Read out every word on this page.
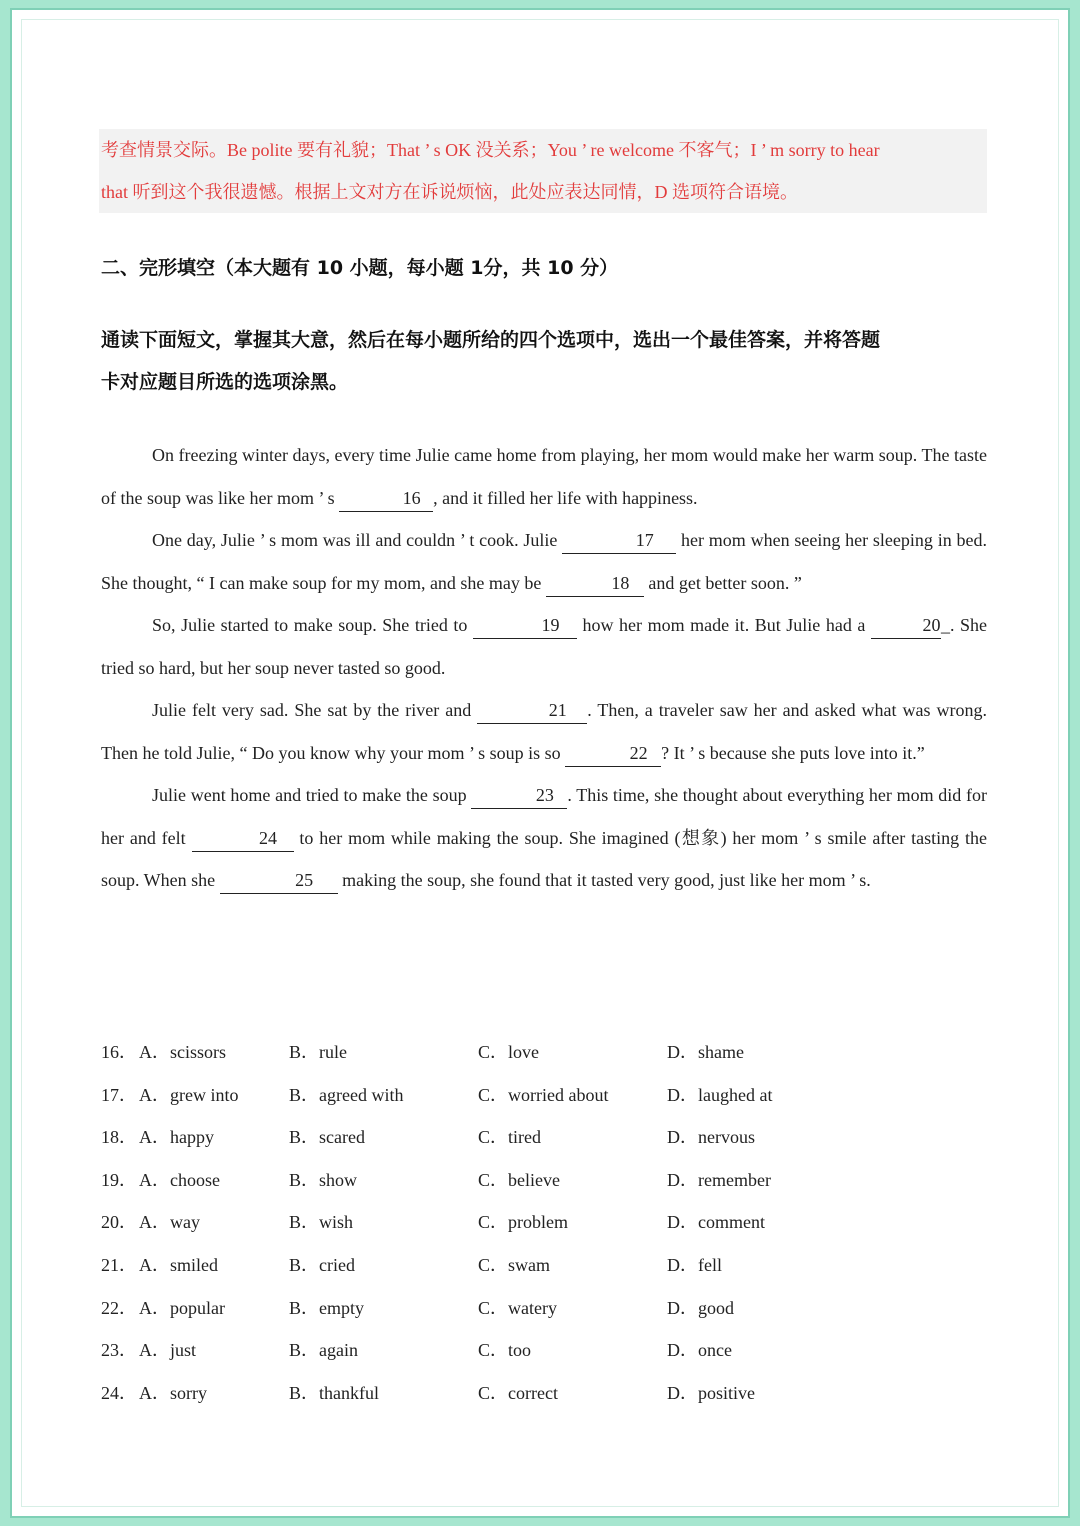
考查情景交际。Be polite 要有礼貌；That ’ s OK 没关系；You ’ re welcome 不客气；I ’ m sorry to hear

that 听到这个我很遗憾。根据上文对方在诉说烦恼，此处应表达同情，D 选项符合语境。

二、完形填空（本大题有 10 小题，每小题 1分，共 10 分）

通读下面短文，掌握其大意，然后在每小题所给的四个选项中，选出一个最佳答案，并将答题

卡对应题目所选的选项涂黑。

On freezing winter days, every time Julie came home from playing, her mom would make her warm soup. The taste of the soup was like her mom ’ s	16 , and it filled her life with happiness.

One day, Julie ’ s mom was ill and couldn ’ t cook. Julie	17 her mom when seeing her sleeping in bed. She thought, “ I can make soup for my mom, and she may be	18 and get better soon. ”

So, Julie started to make soup. She tried to	19 how her mom made it. But Julie had a	20_. She tried so hard, but her soup never tasted so good.

Julie felt very sad. She sat by the river and	21 . Then, a traveler saw her and asked what was wrong. Then he told Julie, “ Do you know why your mom ’ s soup is so	22 ? It ’ s because she puts love into it.”

Julie went home and tried to make the soup	23 . This time, she thought about everything her mom did for her and felt	24 to her mom while making the soup. She imagined (想象) her mom ’ s smile after tasting the soup. When she	25 making the soup, she found that it tasted very good, just like her mom ’ s.

16． A．scissors	B．rule	C．love	D．shame
17． A．grew into	B．agreed with	C．worried about	D．laughed at
18． A．happy	B．scared	C．tired	D．nervous
19． A．choose	B．show	C．believe	D．remember
20． A．way	B．wish	C．problem	D．comment
21． A．smiled	B．cried	C．swam	D．fell
22． A．popular	B．empty	C．watery	D．good
23． A．just	B．again	C．too	D．once
24． A．sorry	B．thankful	C．correct	D．positive
